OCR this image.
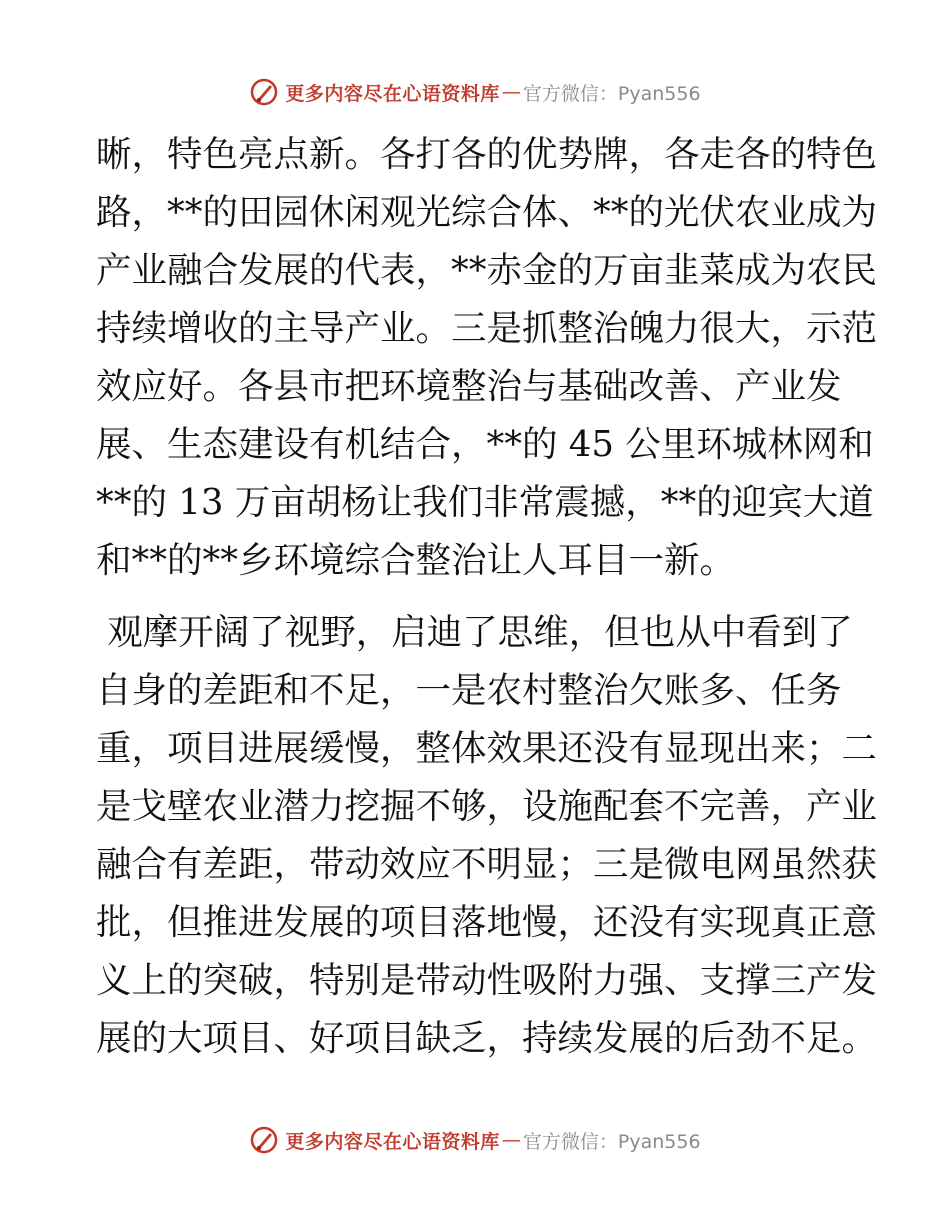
更多内容尽在心语资料库 — 官方微信：Pyan556
晰，特色亮点新。各打各的优势牌，各走各的特色
路，**的田园休闲观光综合体、**的光伏农业成为
产业融合发展的代表，**赤金的万亩韭菜成为农民
持续增收的主导产业。三是抓整治魄力很大，示范
效应好。各县市把环境整治与基础改善、产业发
展、生态建设有机结合，**的 45 公里环城林网和
**的 13 万亩胡杨让我们非常震撼，**的迎宾大道
和**的**乡环境综合整治让人耳目一新。
观摩开阔了视野，启迪了思维，但也从中看到了
自身的差距和不足，一是农村整治欠账多、任务
重，项目进展缓慢，整体效果还没有显现出来；二
是戈壁农业潜力挖掘不够，设施配套不完善，产业
融合有差距，带动效应不明显；三是微电网虽然获
批，但推进发展的项目落地慢，还没有实现真正意
义上的突破，特别是带动性吸附力强、支撑三产发
展的大项目、好项目缺乏，持续发展的后劲不足。
更多内容尽在心语资料库 — 官方微信：Pyan556
